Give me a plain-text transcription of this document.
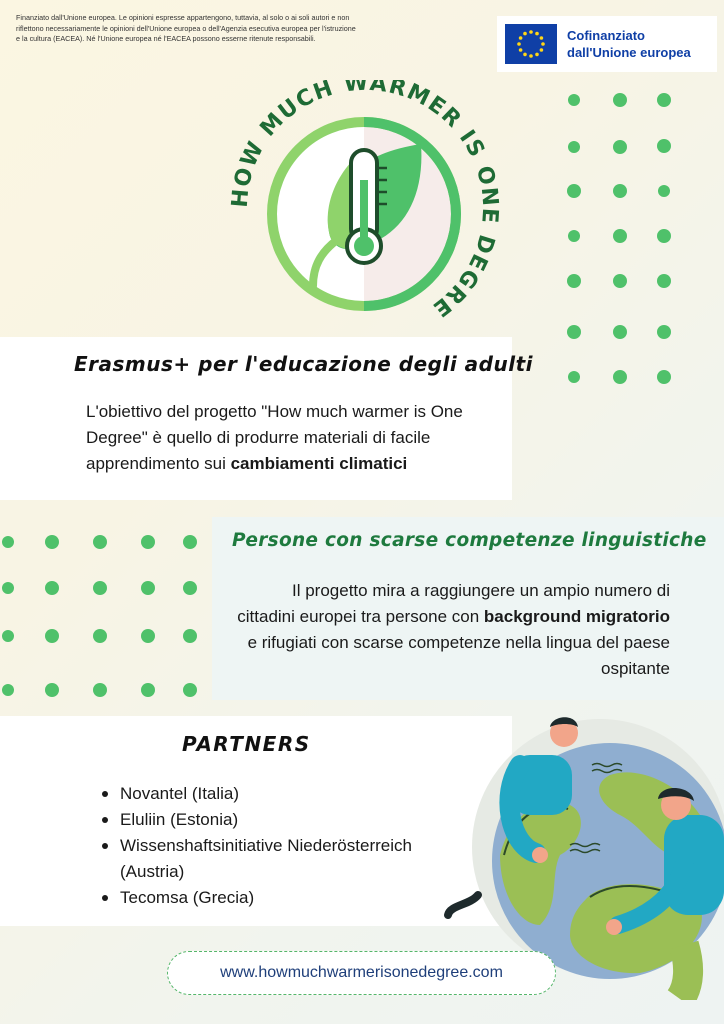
Finanziato dall'Unione europea. Le opinioni espresse appartengono, tuttavia, al solo o ai soli autori e non riflettono necessariamente le opinioni dell'Unione europea o dell'Agenzia esecutiva europea per l'istruzione e la cultura (EACEA). Né l'Unione europea né l'EACEA possono esserne ritenute responsabili.	Cofinanziato
dall'Unione europea
HOW MUCH WARMER IS ONE DEGRE
Erasmus+ per l'educazione degli adulti

L'obiettivo del progetto "How much warmer is One Degree" è quello di produrre materiali di facile apprendimento sui cambiamenti climatici

Persone con scarse competenze linguistiche

Il progetto mira a raggiungere un ampio numero di cittadini europei tra persone con background migratorio e rifugiati con scarse competenze nella lingua del paese ospitante

PARTNERS
Novantel (Italia)
Eluliin (Estonia)
Wissenshaftsinitiative Niederösterreich (Austria)
Tecomsa (Grecia)
www.howmuchwarmerisonedegree.com
